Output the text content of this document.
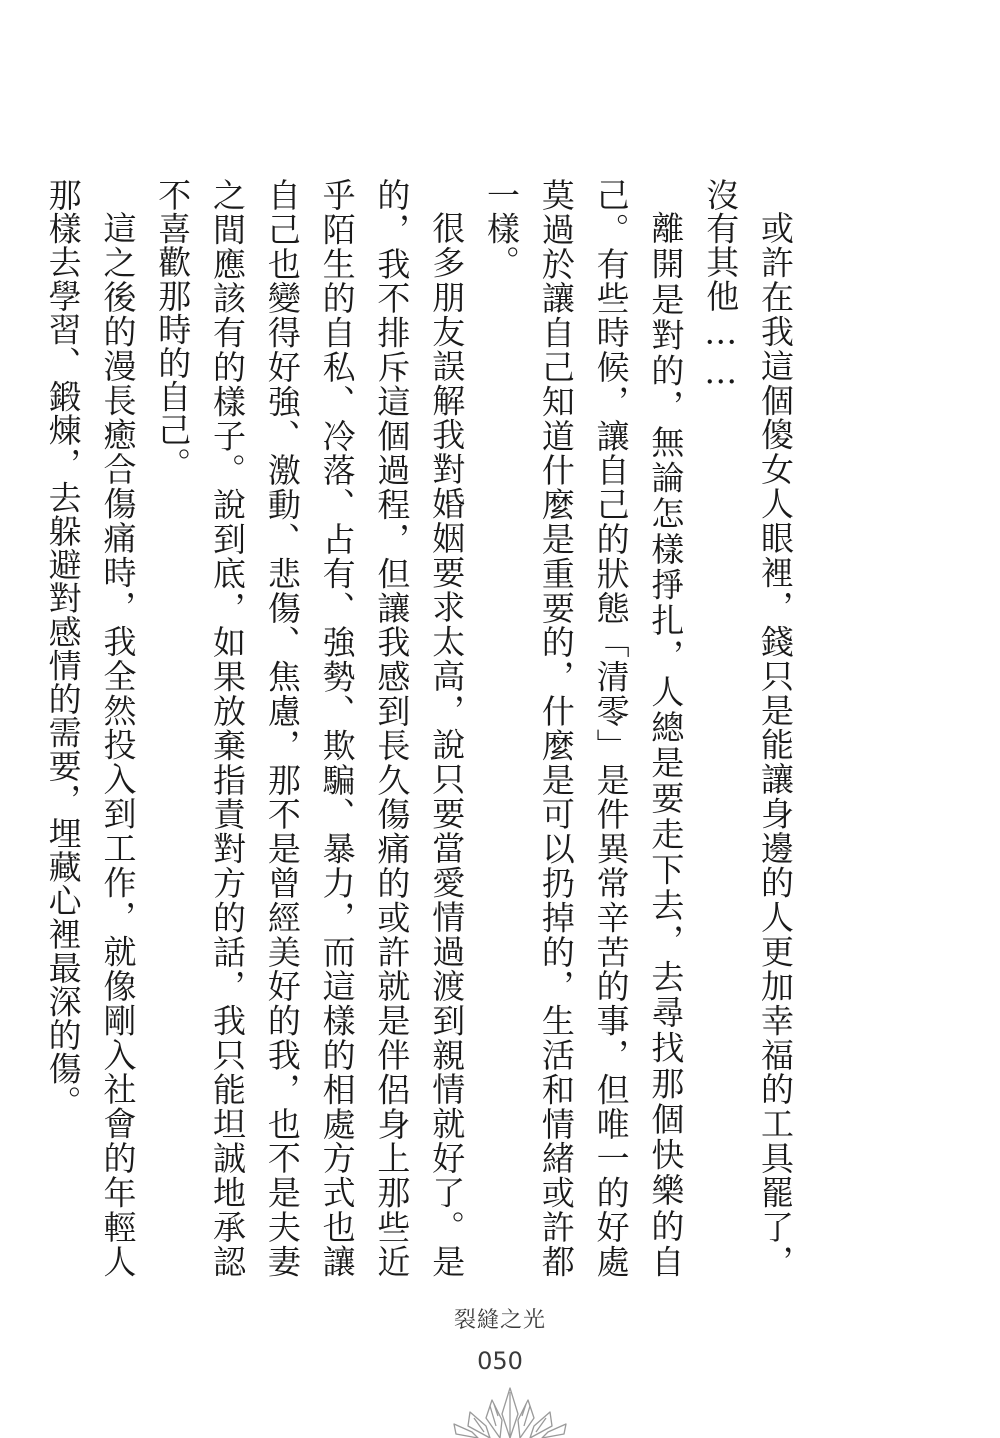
或許在我這個傻女人眼裡，錢只是能讓身邊的人更加幸福的工具罷了，沒有其他……

離開是對的，無論怎樣掙扎，人總是要走下去，去尋找那個快樂的自己。有些時候，讓自己的狀態「清零」是件異常辛苦的事，但唯一的好處莫過於讓自己知道什麼是重要的，什麼是可以扔掉的，生活和情緒或許都一樣。

很多朋友誤解我對婚姻要求太高，說只要當愛情過渡到親情就好了。是的，我不排斥這個過程，但讓我感到長久傷痛的或許就是伴侶身上那些近乎陌生的自私、冷落、占有、強勢、欺騙、暴力，而這樣的相處方式也讓自己也變得好強、激動、悲傷、焦慮，那不是曾經美好的我，也不是夫妻之間應該有的樣子。說到底，如果放棄指責對方的話，我只能坦誠地承認不喜歡那時的自己。

這之後的漫長癒合傷痛時，我全然投入到工作，就像剛入社會的年輕人那樣去學習、鍛煉，去躲避對感情的需要，埋藏心裡最深的傷。

裂縫之光
050
